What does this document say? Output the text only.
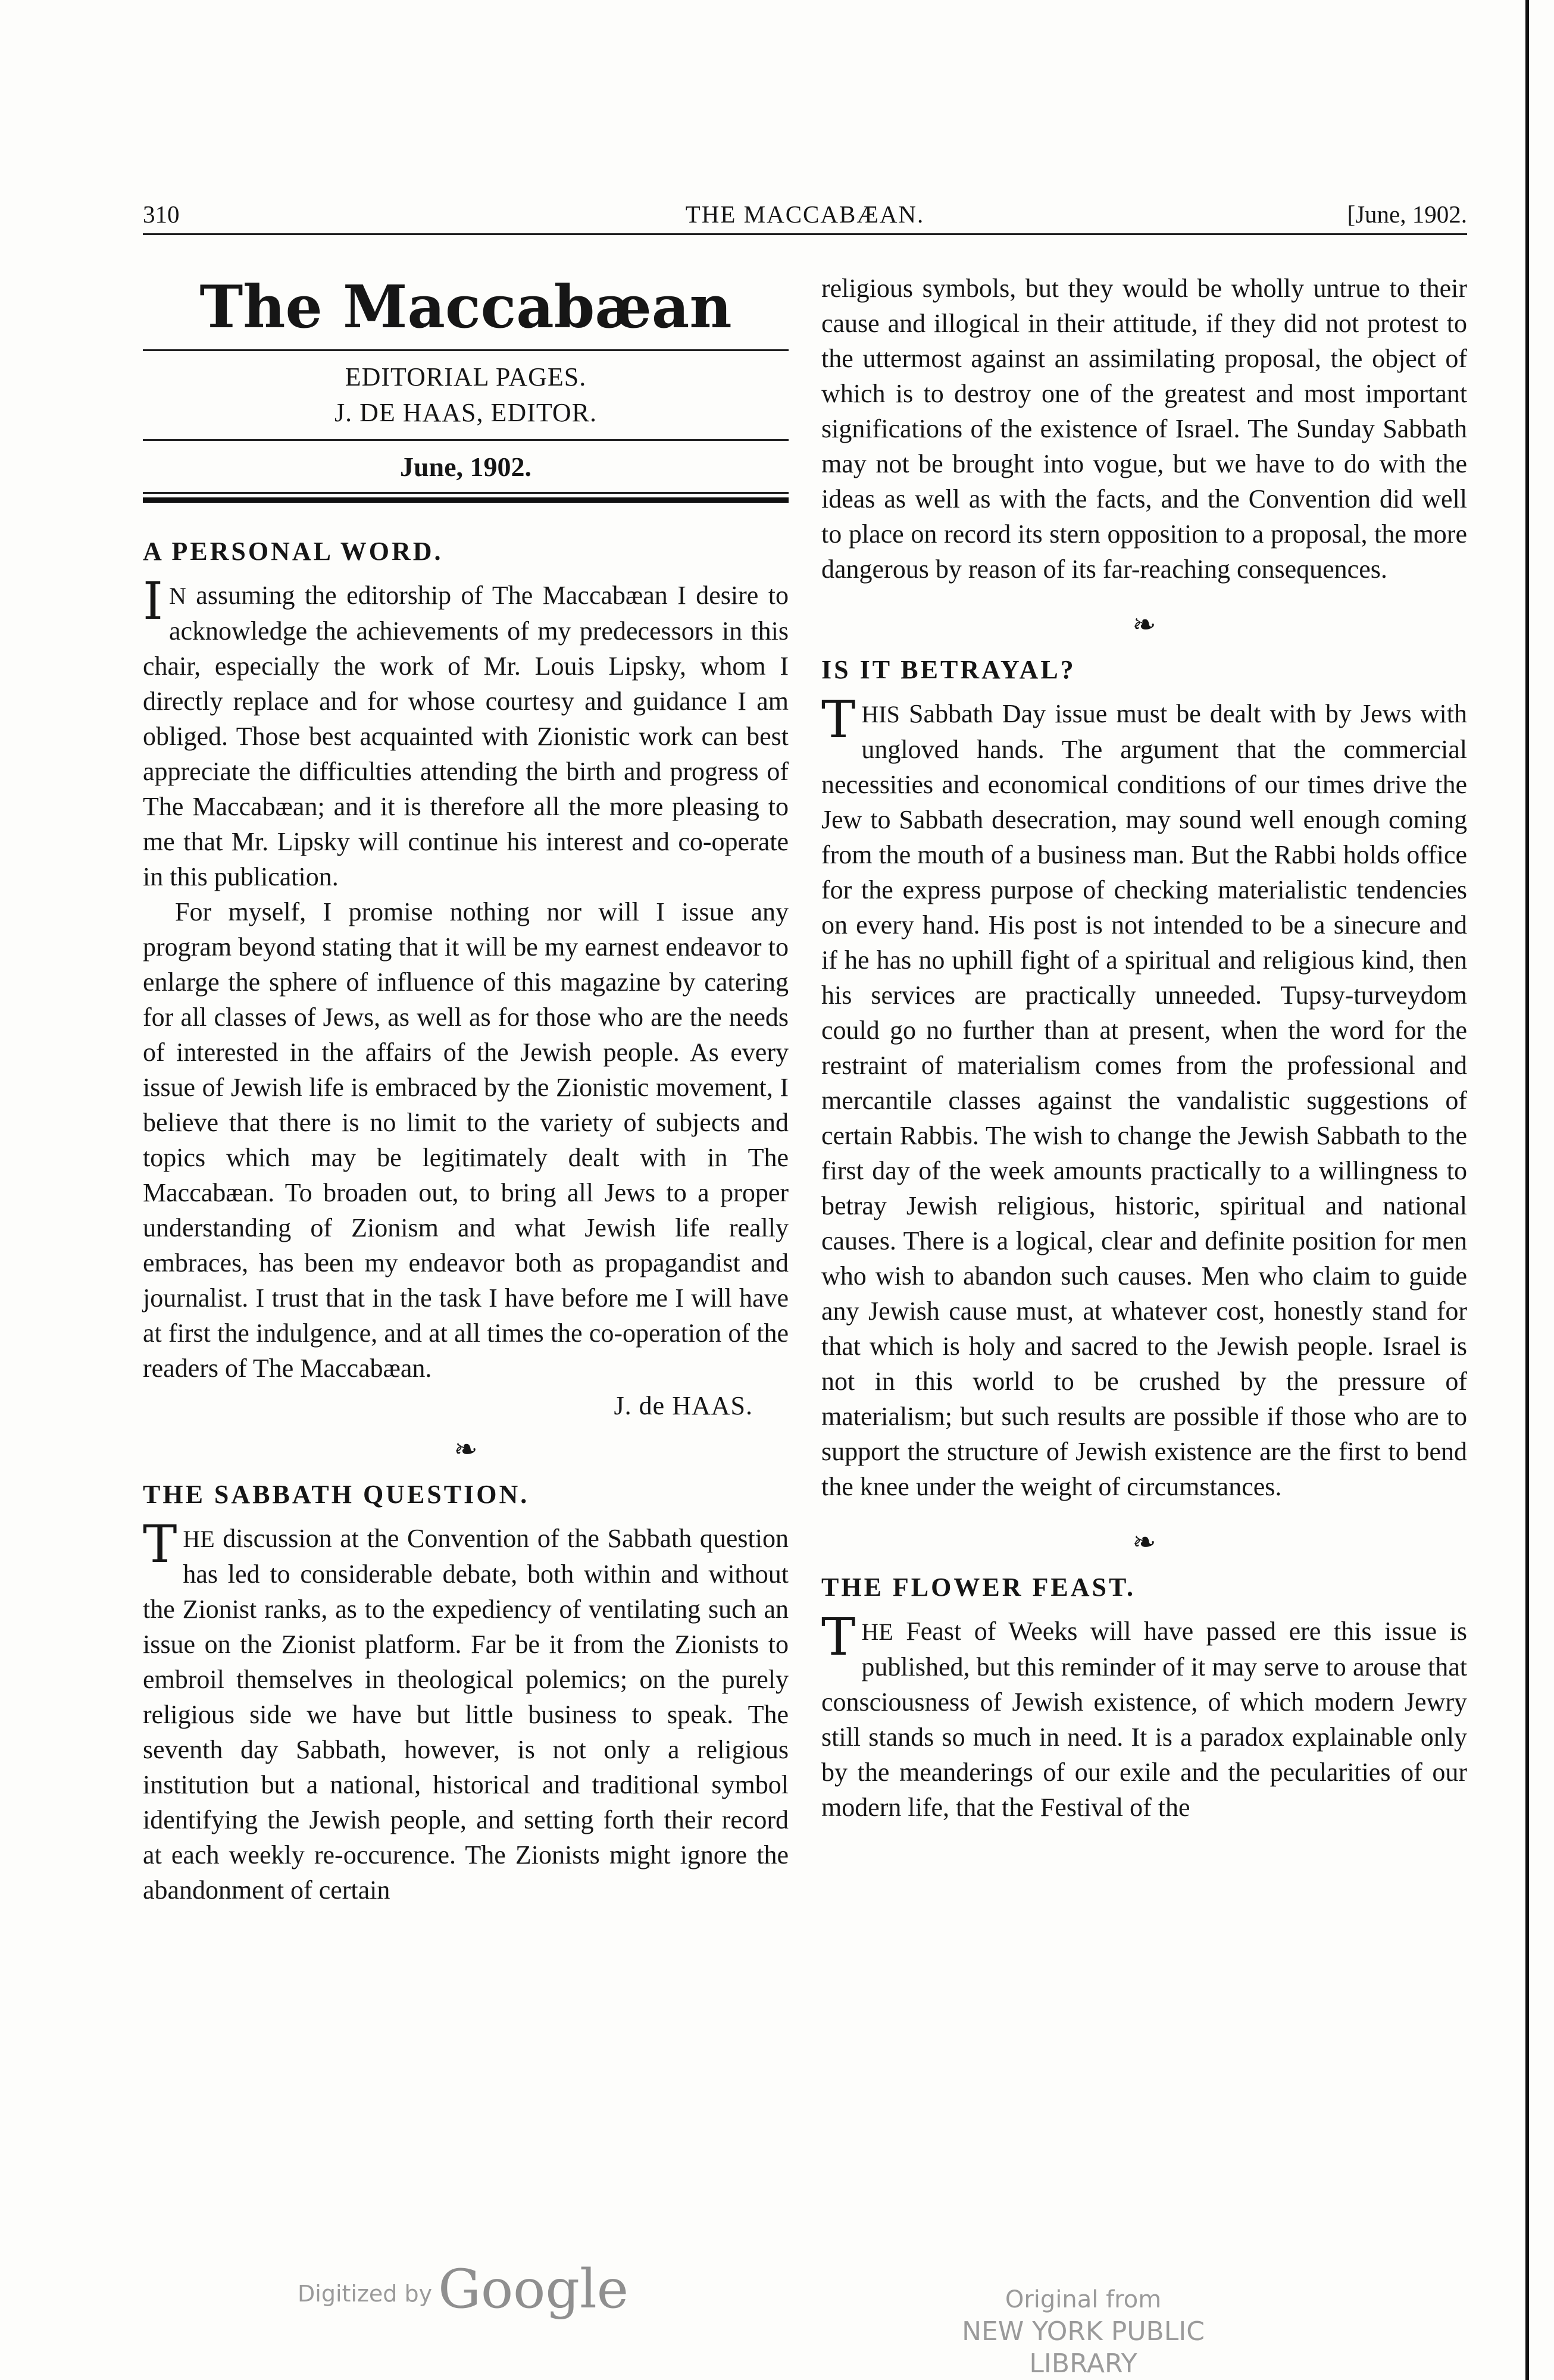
310	THE MACCABÆAN.	[June, 1902.
The Maccabæan
EDITORIAL PAGES.
J. DE HAAS, EDITOR.
June, 1902.
A PERSONAL WORD.

I N assuming the editorship of The Maccabæan I desire to acknowledge the achievements of my predecessors in this chair, especially the work of Mr. Louis Lipsky, whom I directly replace and for whose courtesy and guidance I am obliged. Those best acquainted with Zionistic work can best appreciate the difficulties attending the birth and progress of The Maccabæan; and it is therefore all the more pleasing to me that Mr. Lipsky will continue his interest and co-operate in this publication.

For myself, I promise nothing nor will I issue any program beyond stating that it will be my earnest endeavor to enlarge the sphere of influence of this magazine by catering for all classes of Jews, as well as for those who are the needs of interested in the affairs of the Jewish people. As every issue of Jewish life is embraced by the Zionistic movement, I believe that there is no limit to the variety of subjects and topics which may be legitimately dealt with in The Maccabæan. To broaden out, to bring all Jews to a proper understanding of Zionism and what Jewish life really embraces, has been my endeavor both as propagandist and journalist. I trust that in the task I have before me I will have at first the indulgence, and at all times the co-operation of the readers of The Maccabæan.

J. de HAAS.
❧
THE SABBATH QUESTION.

THE discussion at the Convention of the Sabbath question has led to considerable debate, both within and without the Zionist ranks, as to the expediency of ventilating such an issue on the Zionist platform. Far be it from the Zionists to embroil themselves in theological polemics; on the purely religious side we have but little business to speak. The seventh day Sabbath, however, is not only a religious institution but a national, historical and traditional symbol identifying the Jewish people, and setting forth their record at each weekly re-occurence. The Zionists might ignore the abandonment of certain

religious symbols, but they would be wholly untrue to their cause and illogical in their attitude, if they did not protest to the uttermost against an assimilating proposal, the object of which is to destroy one of the greatest and most important significations of the existence of Israel. The Sunday Sabbath may not be brought into vogue, but we have to do with the ideas as well as with the facts, and the Convention did well to place on record its stern opposition to a proposal, the more dangerous by reason of its far-reaching consequences.

❧
IS IT BETRAYAL?

THIS Sabbath Day issue must be dealt with by Jews with ungloved hands. The argument that the commercial necessities and economical conditions of our times drive the Jew to Sabbath desecration, may sound well enough coming from the mouth of a business man. But the Rabbi holds office for the express purpose of checking materialistic tendencies on every hand. His post is not intended to be a sinecure and if he has no uphill fight of a spiritual and religious kind, then his services are practically unneeded. Tupsy-turveydom could go no further than at present, when the word for the restraint of materialism comes from the professional and mercantile classes against the vandalistic suggestions of certain Rabbis. The wish to change the Jewish Sabbath to the first day of the week amounts practically to a willingness to betray Jewish religious, historic, spiritual and national causes. There is a logical, clear and definite position for men who wish to abandon such causes. Men who claim to guide any Jewish cause must, at whatever cost, honestly stand for that which is holy and sacred to the Jewish people. Israel is not in this world to be crushed by the pressure of materialism; but such results are possible if those who are to support the structure of Jewish existence are the first to bend the knee under the weight of circumstances.

❧
THE FLOWER FEAST.

THE Feast of Weeks will have passed ere this issue is published, but this reminder of it may serve to arouse that consciousness of Jewish existence, of which modern Jewry still stands so much in need. It is a paradox explainable only by the meanderings of our exile and the pecularities of our modern life, that the Festival of the

Digitized by Google	Original from
NEW YORK PUBLIC LIBRARY
